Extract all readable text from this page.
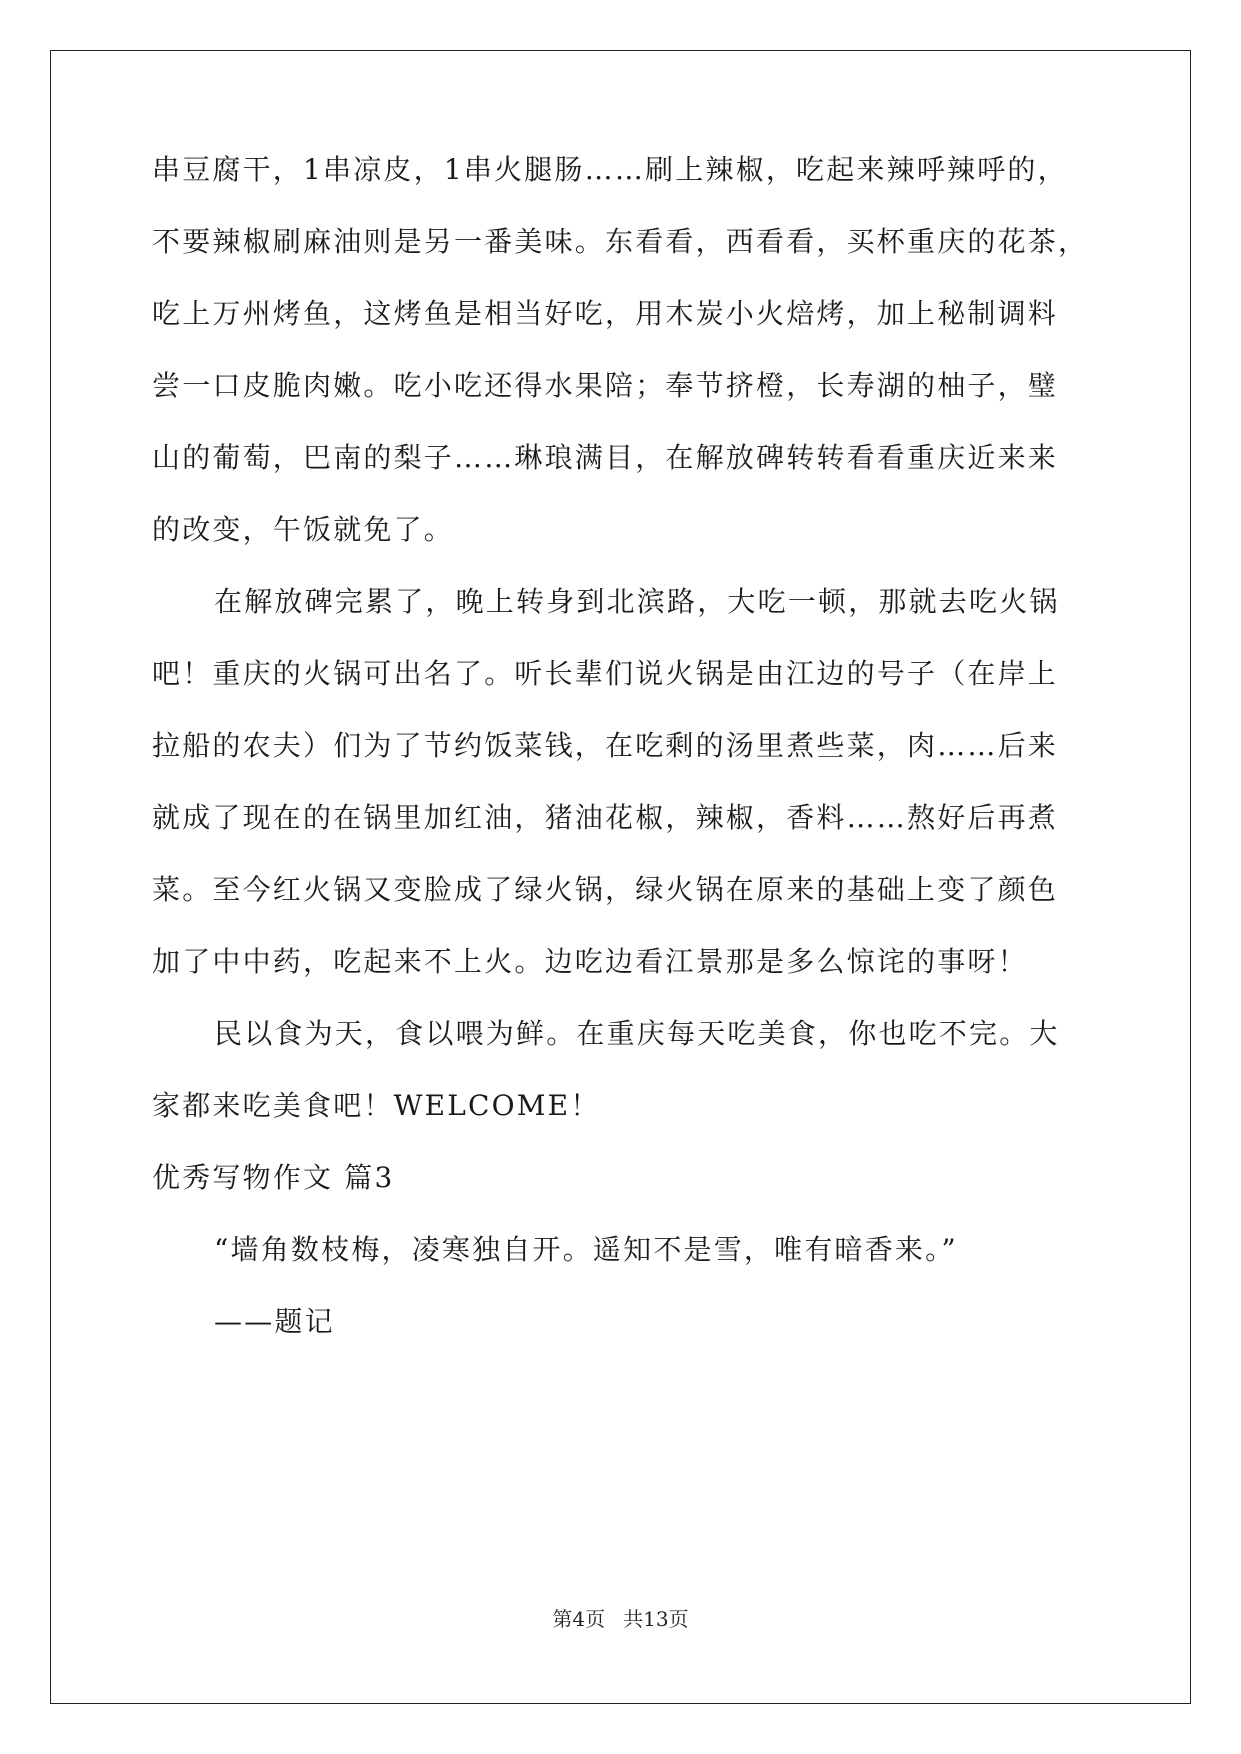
串豆腐干，1串凉皮，1串火腿肠……刷上辣椒，吃起来辣呼辣呼的，
不要辣椒刷麻油则是另一番美味。东看看，西看看，买杯重庆的花茶，
吃上万州烤鱼，这烤鱼是相当好吃，用木炭小火焙烤，加上秘制调料
尝一口皮脆肉嫩。吃小吃还得水果陪；奉节挤橙，长寿湖的柚子，璧
山的葡萄，巴南的梨子……琳琅满目，在解放碑转转看看重庆近来来
的改变，午饭就免了。
在解放碑完累了，晚上转身到北滨路，大吃一顿，那就去吃火锅
吧！重庆的火锅可出名了。听长辈们说火锅是由江边的号子（在岸上
拉船的农夫）们为了节约饭菜钱，在吃剩的汤里煮些菜，肉……后来
就成了现在的在锅里加红油，猪油花椒，辣椒，香料……熬好后再煮
菜。至今红火锅又变脸成了绿火锅，绿火锅在原来的基础上变了颜色
加了中中药，吃起来不上火。边吃边看江景那是多么惊诧的事呀！
民以食为天，食以喂为鲜。在重庆每天吃美食，你也吃不完。大
家都来吃美食吧！WELCOME！
优秀写物作文 篇3
“墙角数枝梅，凌寒独自开。遥知不是雪，唯有暗香来。”
——题记
第4页 共13页
